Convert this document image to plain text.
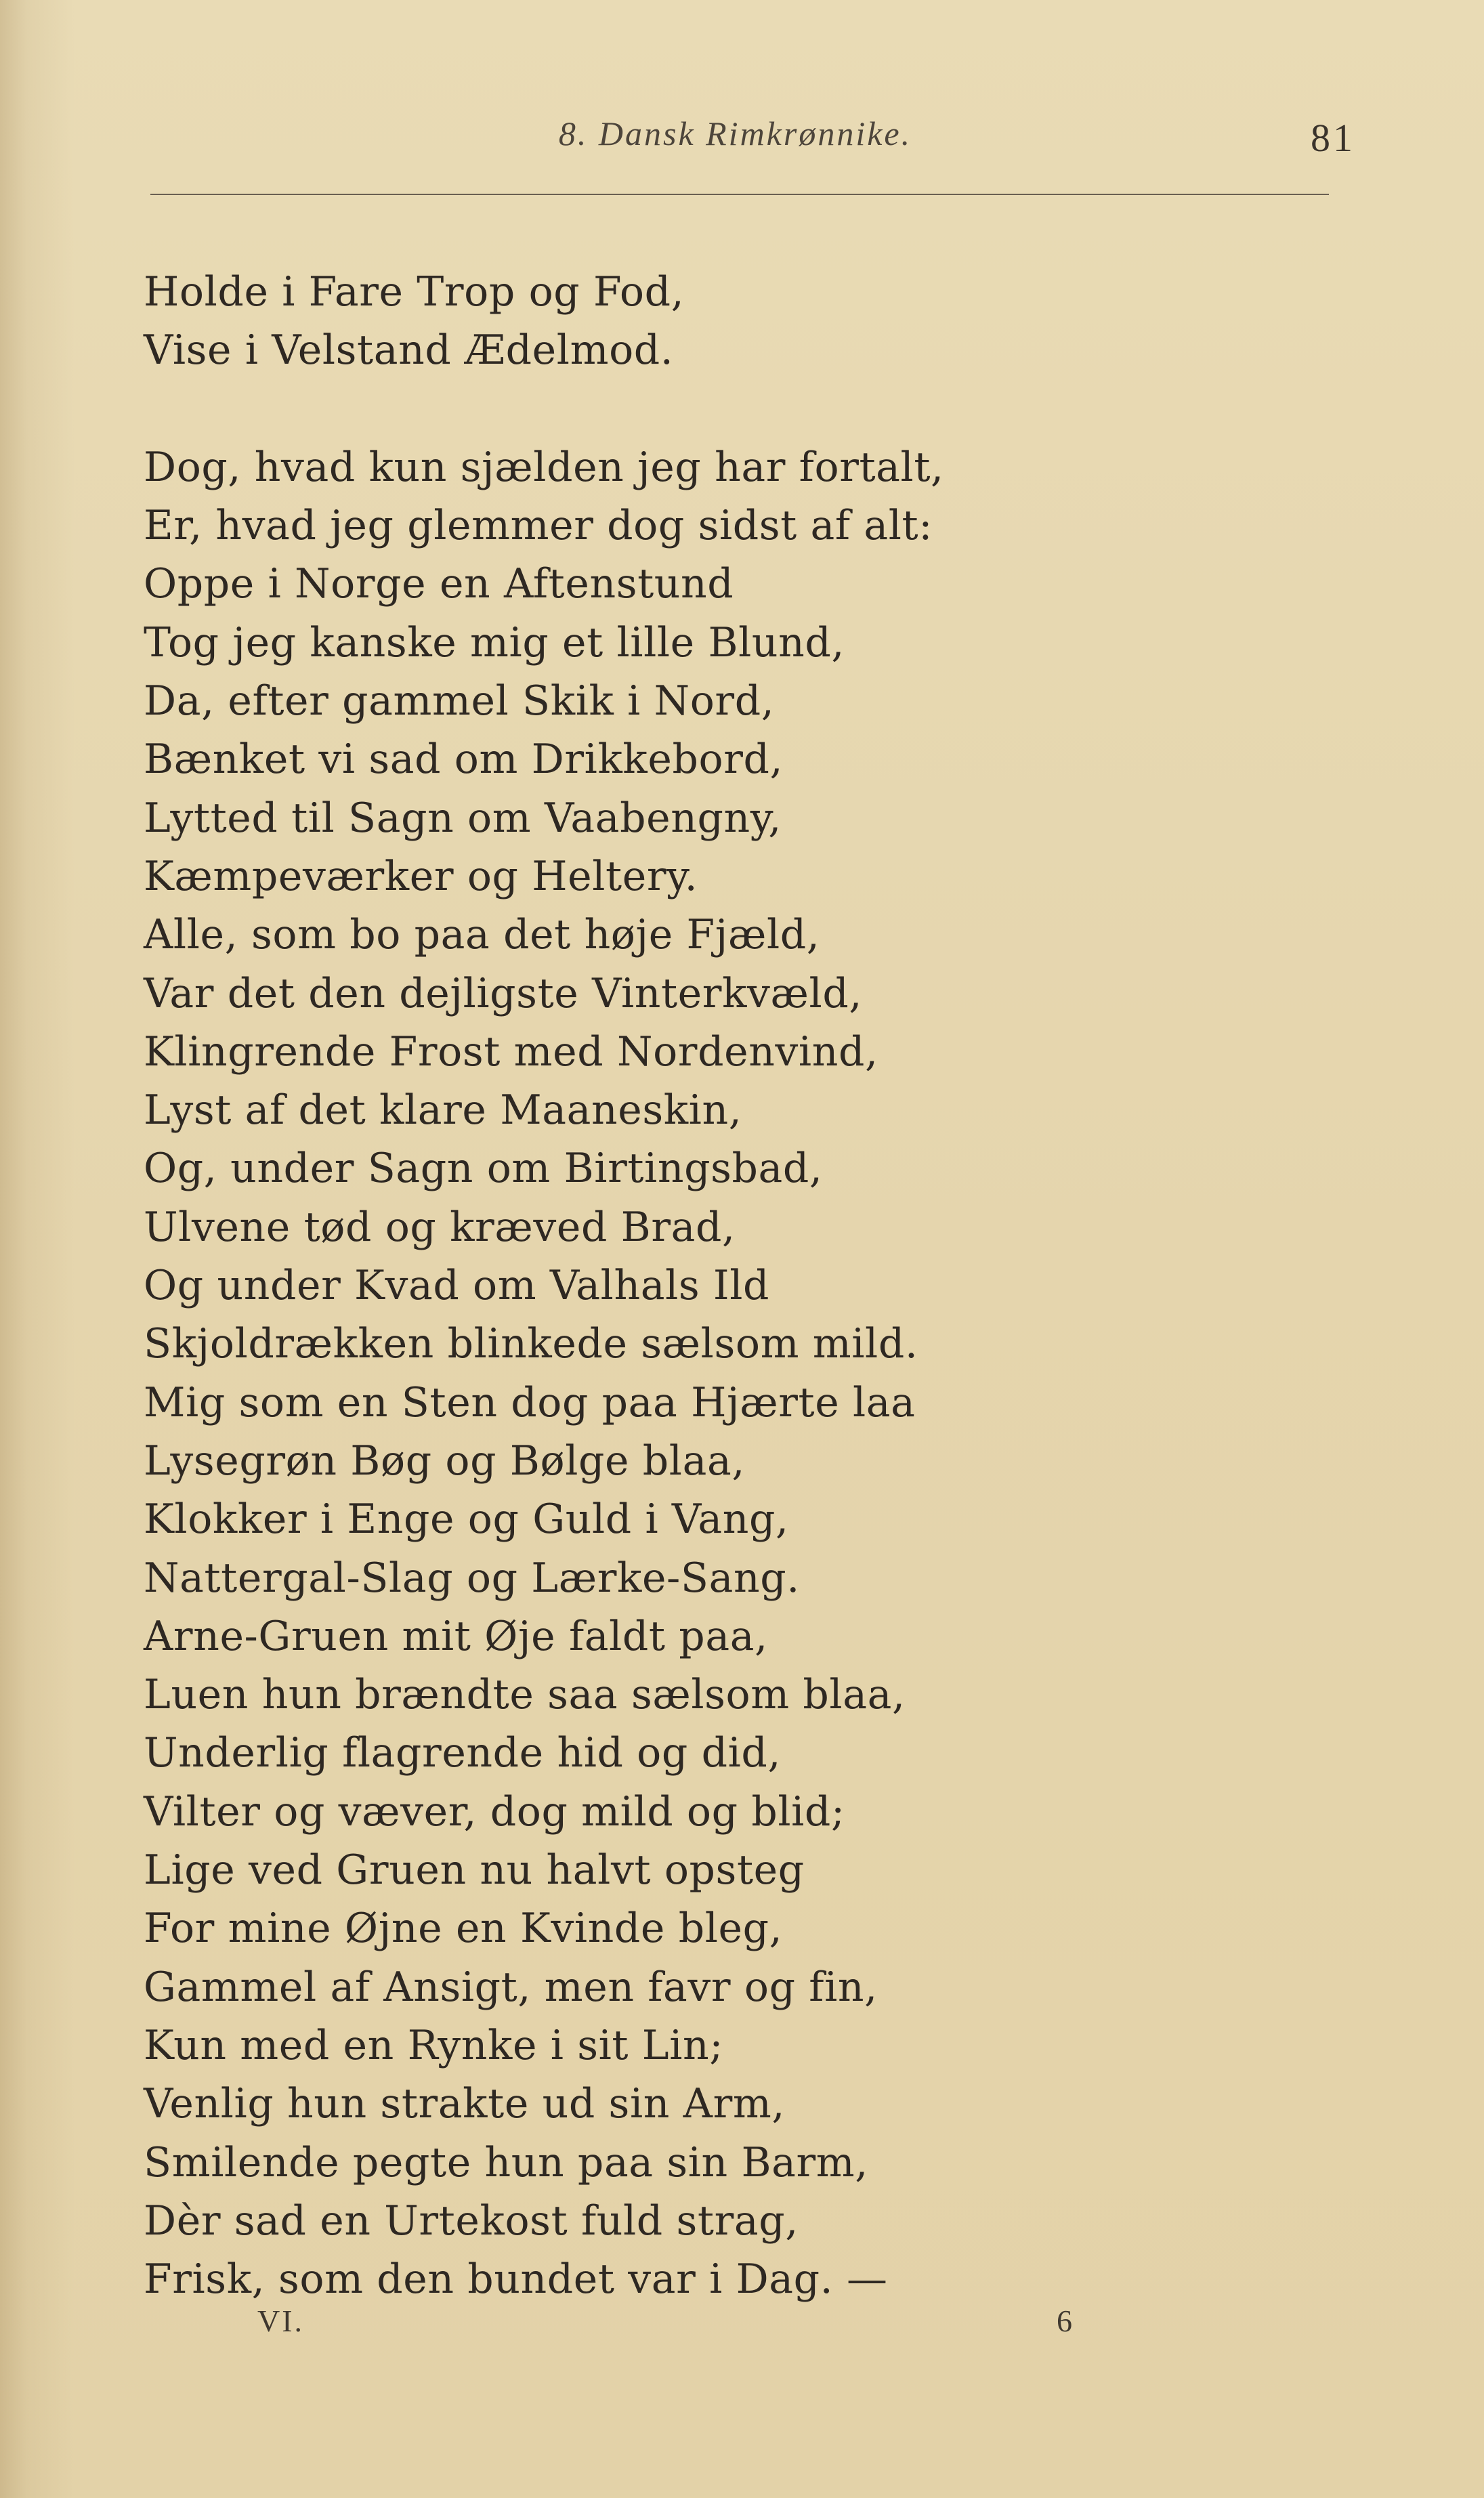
8. Dansk Rimkrønnike.	81
Holde i Fare Trop og Fod,
Vise i Velstand Ædelmod.
Dog, hvad kun sjælden jeg har fortalt,
Er, hvad jeg glemmer dog sidst af alt:
Oppe i Norge en Aftenstund
Tog jeg kanske mig et lille Blund,
Da, efter gammel Skik i Nord,
Bænket vi sad om Drikkebord,
Lytted til Sagn om Vaabengny,
Kæmpeværker og Heltery.
Alle, som bo paa det høje Fjæld,
Var det den dejligste Vinterkvæld,
Klingrende Frost med Nordenvind,
Lyst af det klare Maaneskin,
Og, under Sagn om Birtingsbad,
Ulvene tød og kræved Brad,
Og under Kvad om Valhals Ild
Skjoldrækken blinkede sælsom mild.
Mig som en Sten dog paa Hjærte laa
Lysegrøn Bøg og Bølge blaa,
Klokker i Enge og Guld i Vang,
Nattergal-Slag og Lærke-Sang.
Arne-Gruen mit Øje faldt paa,
Luen hun brændte saa sælsom blaa,
Underlig flagrende hid og did,
Vilter og væver, dog mild og blid;
Lige ved Gruen nu halvt opsteg
For mine Øjne en Kvinde bleg,
Gammel af Ansigt, men favr og fin,
Kun med en Rynke i sit Lin;
Venlig hun strakte ud sin Arm,
Smilende pegte hun paa sin Barm,
Dèr sad en Urtekost fuld strag,
Frisk, som den bundet var i Dag. —
VI.	6
